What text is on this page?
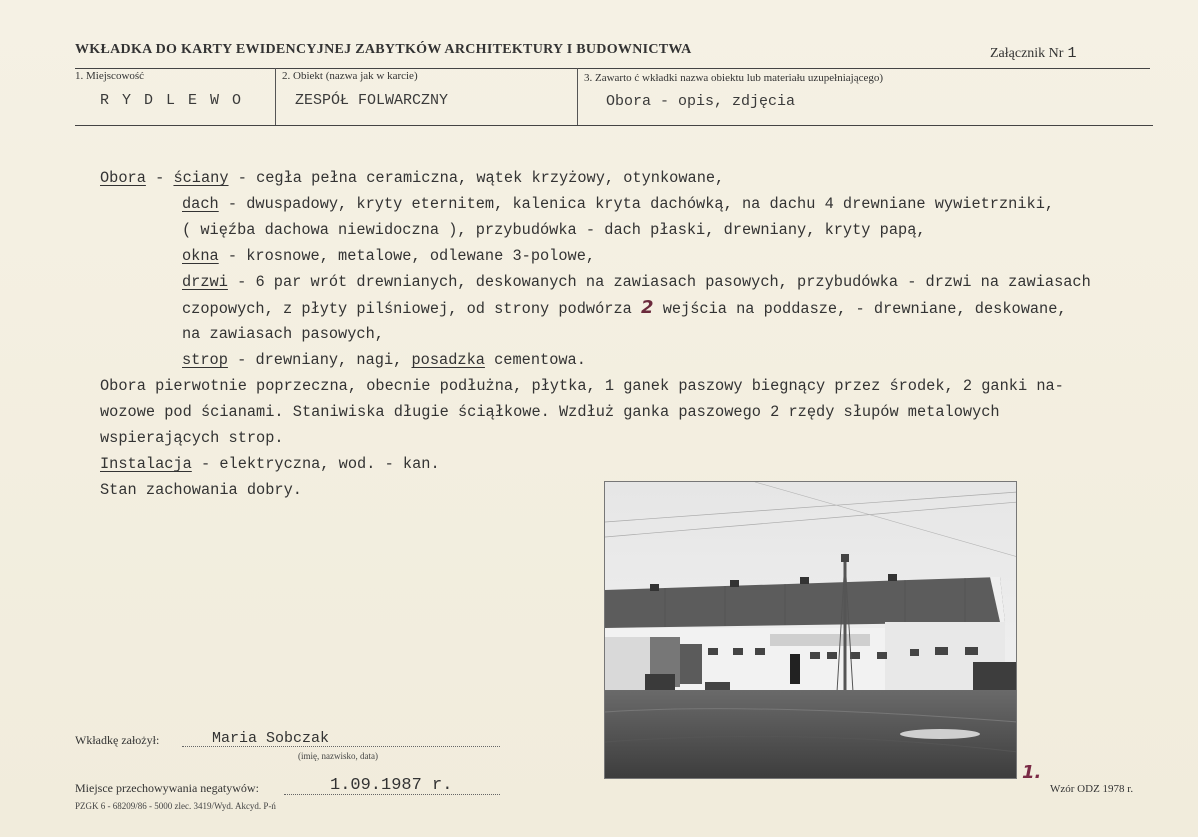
WKŁADKA DO KARTY EWIDENCYJNEJ ZABYTKÓW ARCHITEKTURY I BUDOWNICTWA	Załącznik Nr 1
1. Miejscowość
R Y D L E W O
2. Obiekt (nazwa jak w karcie)
ZESPÓŁ FOLWARCZNY
3. Zawarto ć wkładki nazwa obiektu lub materiału uzupełniającego)
Obora - opis, zdjęcia
Obora - ściany - cegła pełna ceramiczna, wątek krzyżowy, otynkowane,
dach - dwuspadowy, kryty eternitem, kalenica kryta dachówką, na dachu 4 drewniane wywietrzniki,
( więźba dachowa niewidoczna ), przybudówka - dach płaski, drewniany, kryty papą,
okna - krosnowe, metalowe, odlewane 3-polowe,
drzwi - 6 par wrót drewnianych, deskowanych na zawiasach pasowych, przybudówka - drzwi na zawiasach
czopowych, z płyty pilśniowej, od strony podwórza 2 wejścia na poddasze, - drewniane, deskowane,
na zawiasach pasowych,
strop - drewniany, nagi, posadzka cementowa.
Obora pierwotnie poprzeczna, obecnie podłużna, płytka, 1 ganek paszowy biegnący przez środek, 2 ganki na-
wozowe pod ścianami. Staniwiska długie ściąłkowe. Wzdłuż ganka paszowego 2 rzędy słupów metalowych
wspierających strop.
Instalacja - elektryczna, wod. - kan.
Stan zachowania dobry.
1.
Wkładkę założył:	Maria Sobczak
(imię, nazwisko, data)
Miejsce przechowywania negatywów:	1.09.1987 r.	Wzór ODZ 1978 r.
PZGK 6 - 68209/86 - 5000 zlec. 3419/Wyd. Akcyd. P-ń
